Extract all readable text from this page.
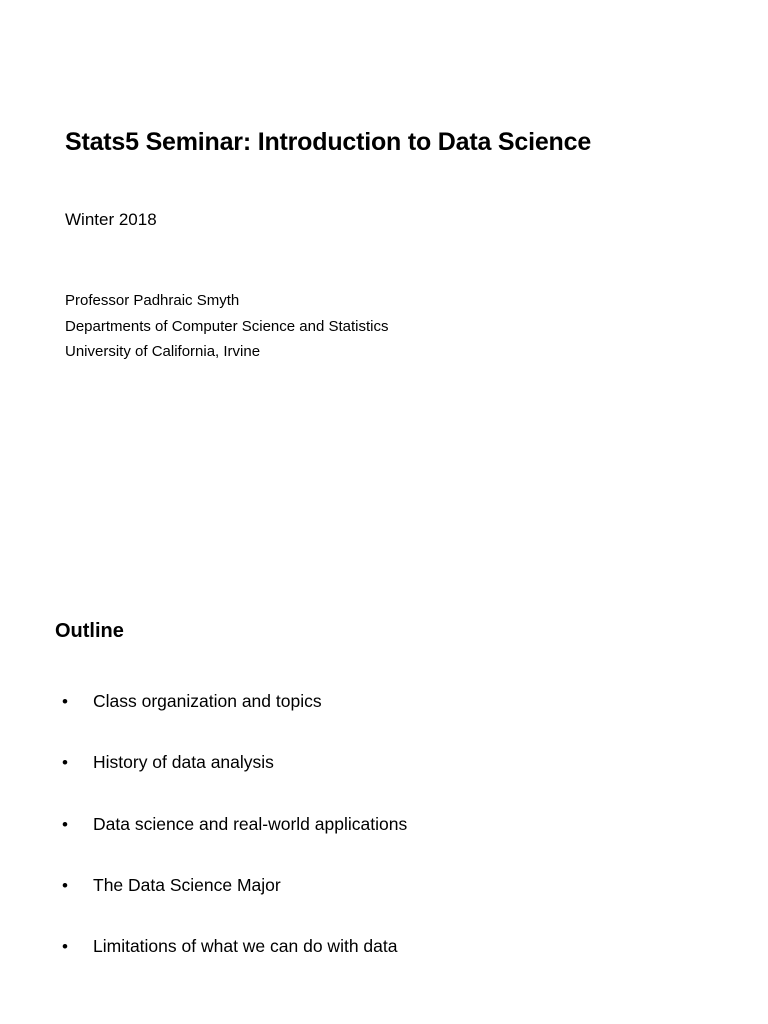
Stats5 Seminar: Introduction to Data Science

Winter 2018

Professor Padhraic Smyth
Departments of Computer Science and Statistics
University of California, Irvine
Outline
•	Class organization and topics
•	History of data analysis
•	Data science and real-world applications
•	The Data Science Major
•	Limitations of what we can do with data
